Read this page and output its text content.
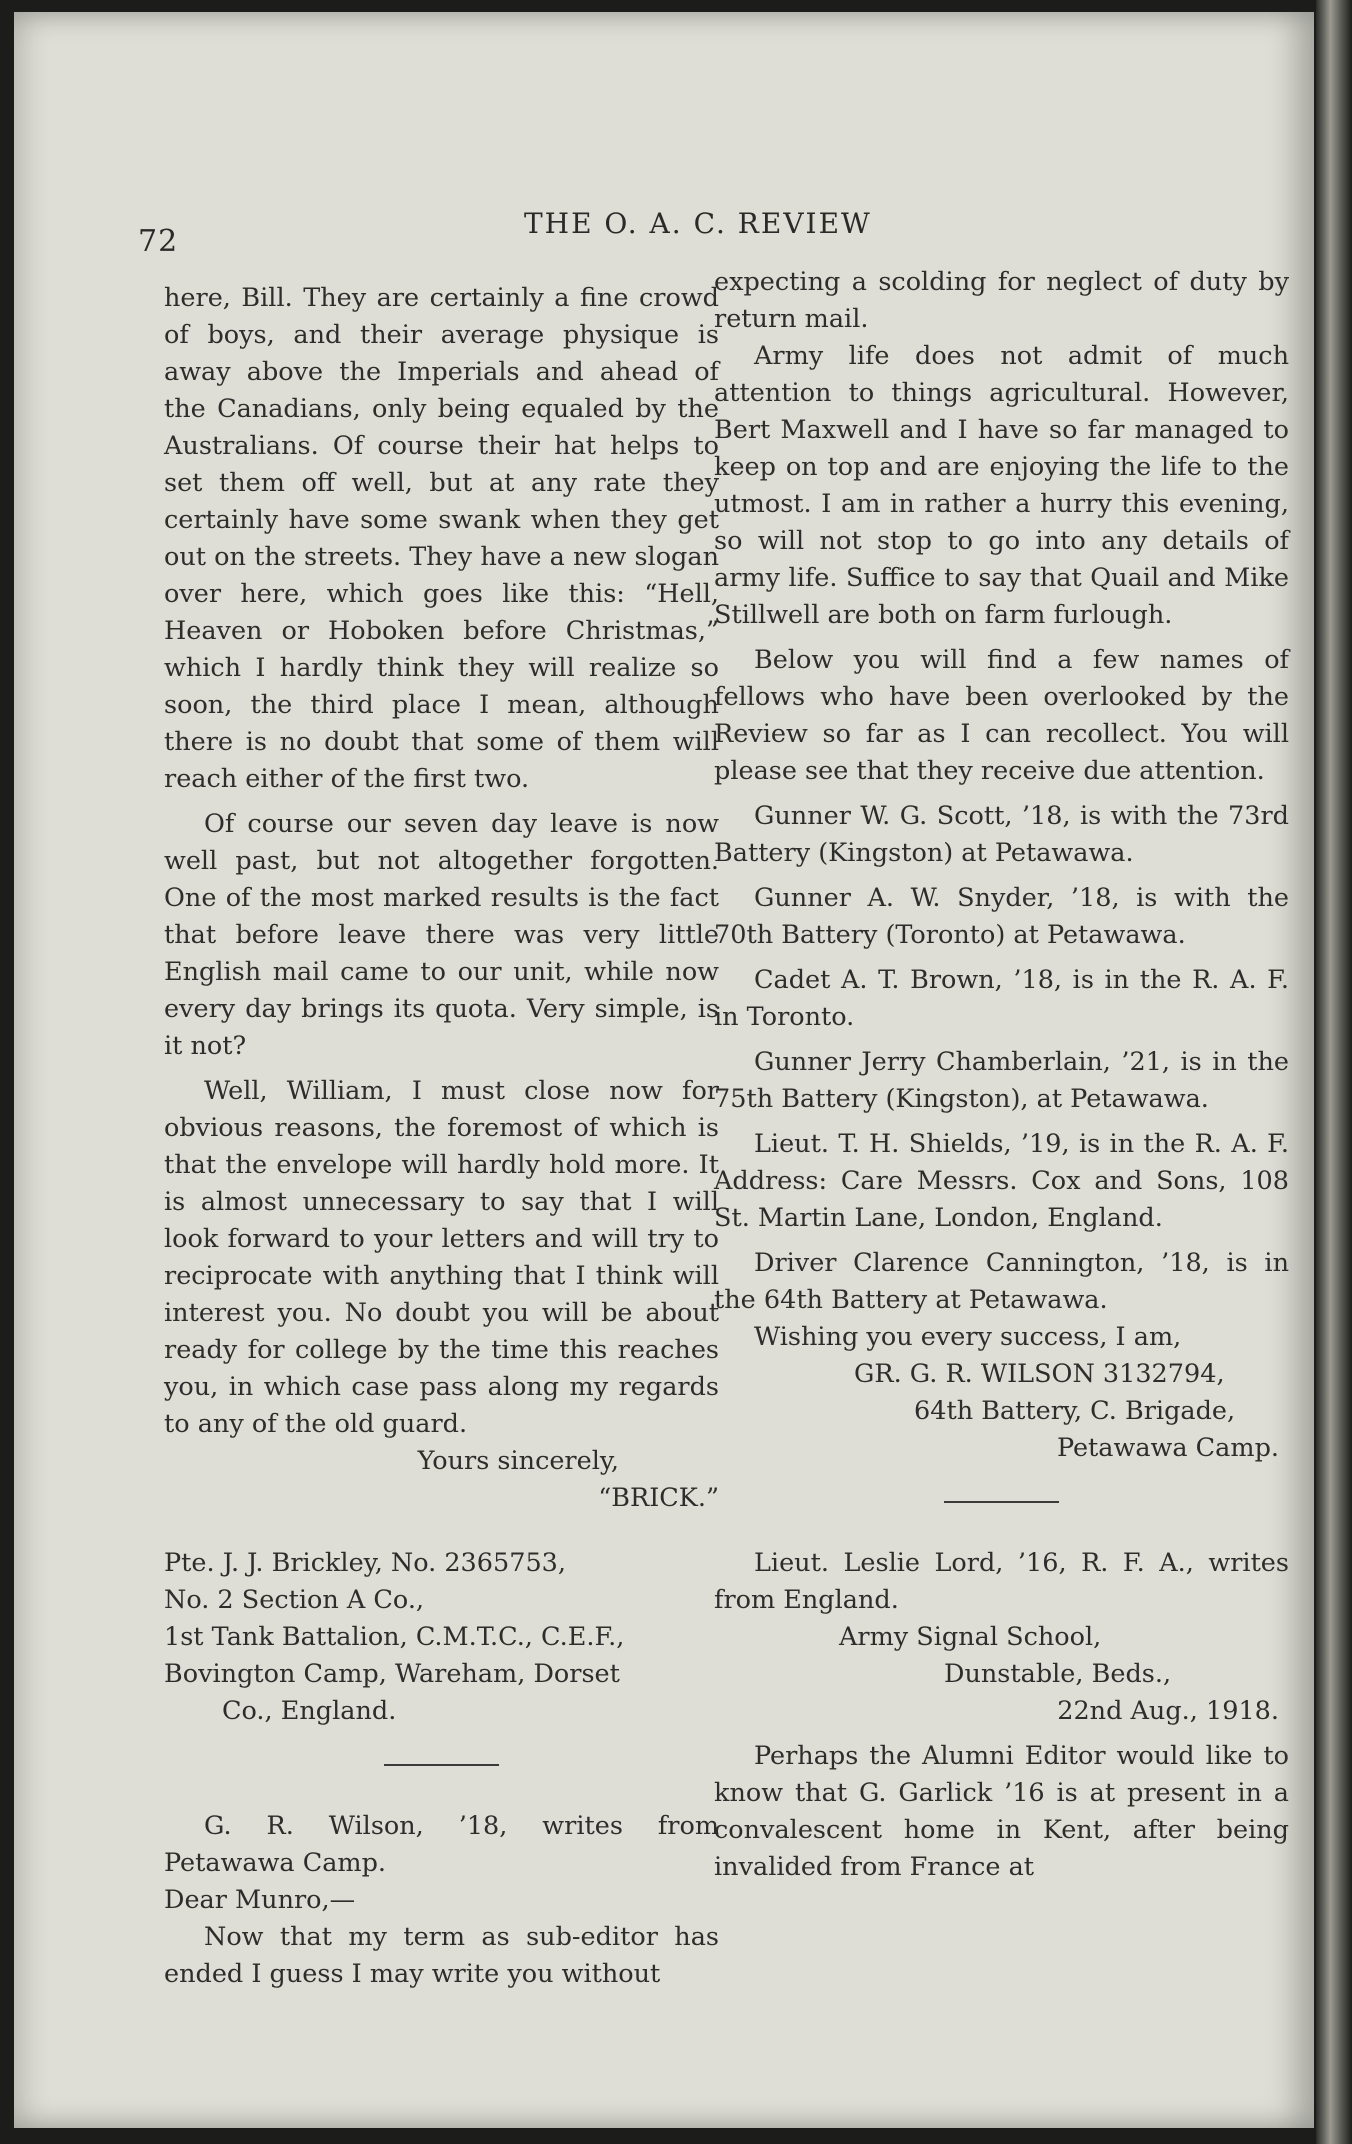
72
THE O. A. C. REVIEW

here, Bill. They are certainly a fine crowd of boys, and their average physique is away above the Imperials and ahead of the Canadians, only being equaled by the Australians. Of course their hat helps to set them off well, but at any rate they certainly have some swank when they get out on the streets. They have a new slogan over here, which goes like this: “Hell, Heaven or Hoboken before Christmas,” which I hardly think they will realize so soon, the third place I mean, although there is no doubt that some of them will reach either of the first two.

Of course our seven day leave is now well past, but not altogether forgotten. One of the most marked results is the fact that before leave there was very little English mail came to our unit, while now every day brings its quota. Very simple, is it not?

Well, William, I must close now for obvious reasons, the foremost of which is that the envelope will hardly hold more. It is almost unnecessary to say that I will look forward to your letters and will try to reciprocate with anything that I think will interest you. No doubt you will be about ready for college by the time this reaches you, in which case pass along my regards to any of the old guard.

Yours sincerely,

“BRICK.”

Pte. J. J. Brickley, No. 2365753,

No. 2 Section A Co.,

1st Tank Battalion, C.M.T.C., C.E.F.,

Bovington Camp, Wareham, Dorset

Co., England.

G. R. Wilson, ’18, writes from Petawawa Camp.

Dear Munro,—

Now that my term as sub-editor has ended I guess I may write you without

expecting a scolding for neglect of duty by return mail.

Army life does not admit of much attention to things agricultural. However, Bert Maxwell and I have so far managed to keep on top and are enjoying the life to the utmost. I am in rather a hurry this evening, so will not stop to go into any details of army life. Suffice to say that Quail and Mike Stillwell are both on farm furlough.

Below you will find a few names of fellows who have been overlooked by the Review so far as I can recollect. You will please see that they receive due attention.

Gunner W. G. Scott, ’18, is with the 73rd Battery (Kingston) at Petawawa.

Gunner A. W. Snyder, ’18, is with the 70th Battery (Toronto) at Petawawa.

Cadet A. T. Brown, ’18, is in the R. A. F. in Toronto.

Gunner Jerry Chamberlain, ’21, is in the 75th Battery (Kingston), at Petawawa.

Lieut. T. H. Shields, ’19, is in the R. A. F. Address: Care Messrs. Cox and Sons, 108 St. Martin Lane, London, England.

Driver Clarence Cannington, ’18, is in the 64th Battery at Petawawa.

Wishing you every success, I am,

GR. G. R. WILSON 3132794,

64th Battery, C. Brigade,

Petawawa Camp.

Lieut. Leslie Lord, ’16, R. F. A., writes from England.

Army Signal School,

Dunstable, Beds.,

22nd Aug., 1918.

Perhaps the Alumni Editor would like to know that G. Garlick ’16 is at present in a convalescent home in Kent, after being invalided from France at
